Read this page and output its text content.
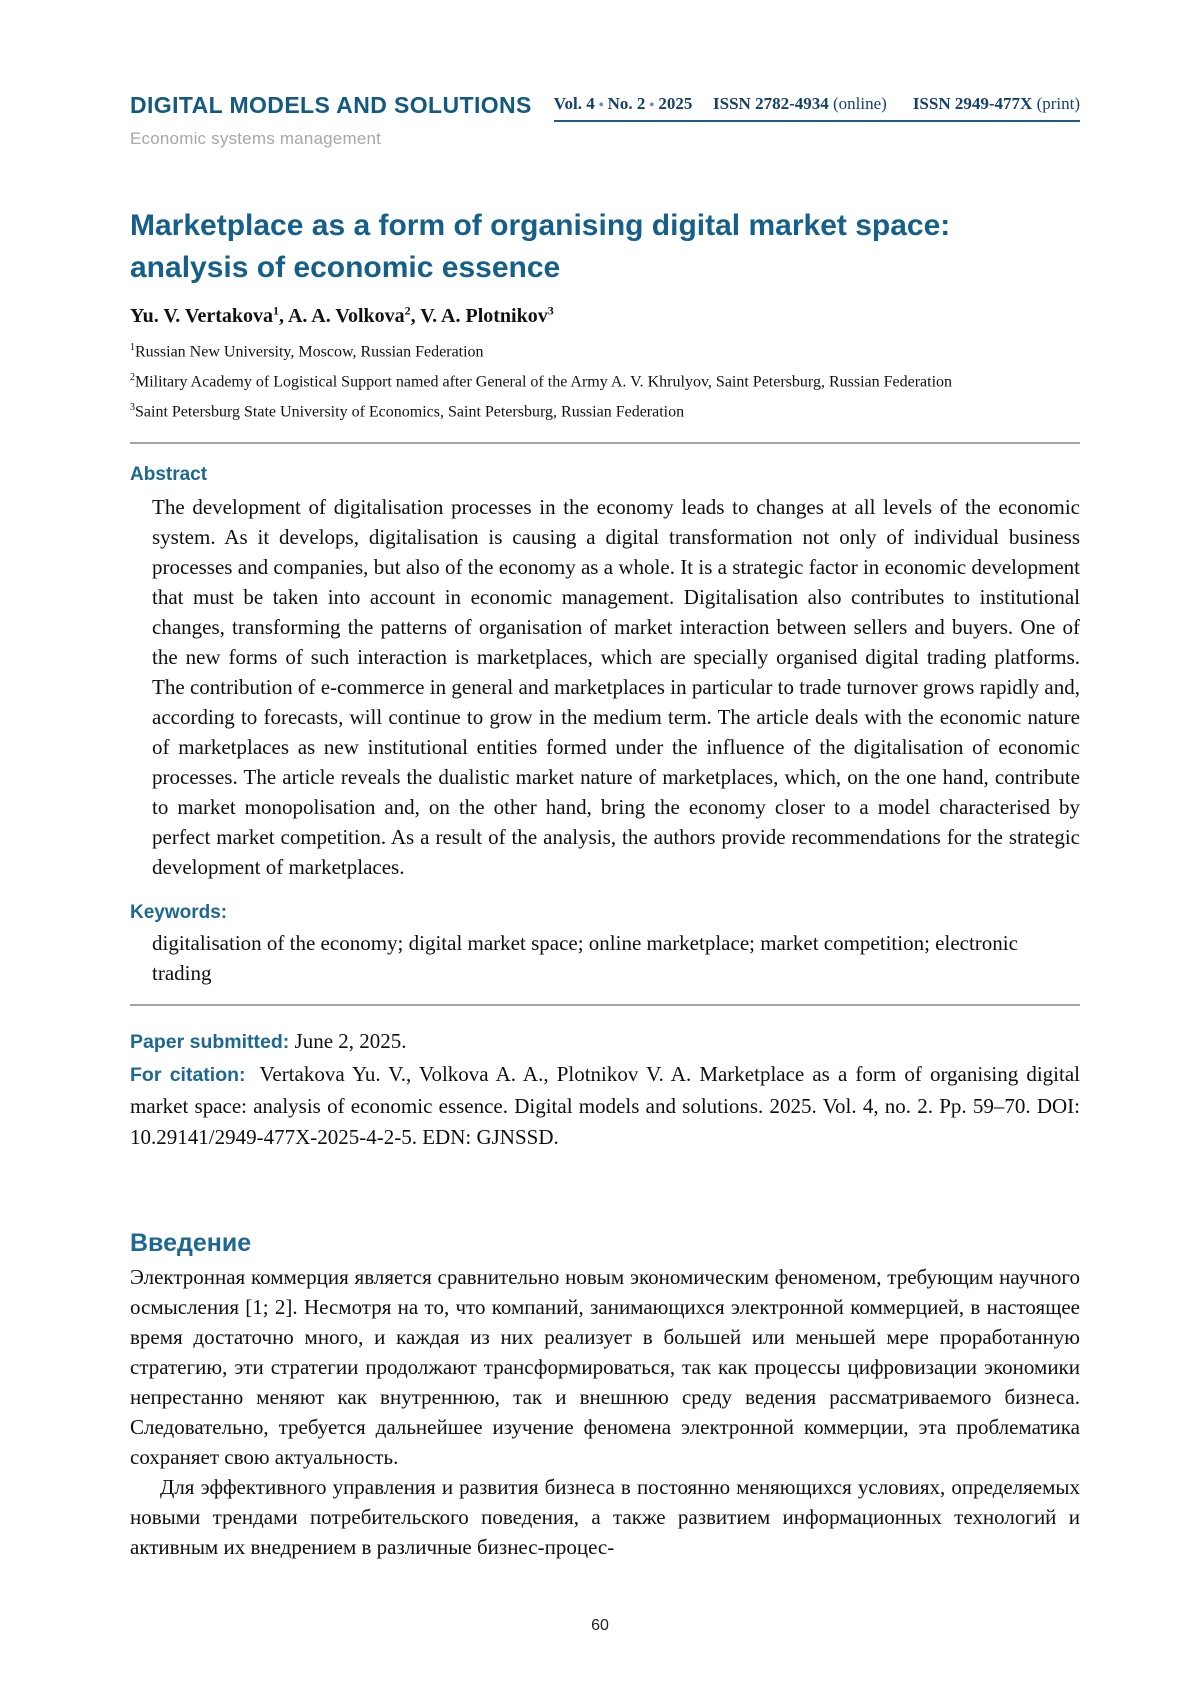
DIGITAL MODELS AND SOLUTIONS
Economic systems management
Vol. 4 • No. 2 • 2025 ISSN 2782-4934 (online) ISSN 2949-477X (print)
Marketplace as a form of organising digital market space: analysis of economic essence
Yu. V. Vertakova$^1$, A. A. Volkova$^2$, V. A. Plotnikov$^3$

$^1$Russian New University, Moscow, Russian Federation

$^2$Military Academy of Logistical Support named after General of the Army A. V. Khrulyov, Saint Petersburg, Russian Federation

$^3$Saint Petersburg State University of Economics, Saint Petersburg, Russian Federation

Abstract

The development of digitalisation processes in the economy leads to changes at all levels of the economic system. As it develops, digitalisation is causing a digital transformation not only of individual business processes and companies, but also of the economy as a whole. It is a strategic factor in economic development that must be taken into account in economic management. Digitalisation also contributes to institutional changes, transforming the patterns of organisation of market interaction between sellers and buyers. One of the new forms of such interaction is marketplaces, which are specially organised digital trading platforms. The contribution of e-commerce in general and marketplaces in particular to trade turnover grows rapidly and, according to forecasts, will continue to grow in the medium term. The article deals with the economic nature of marketplaces as new institutional entities formed under the influence of the digitalisation of economic processes. The article reveals the dualistic market nature of marketplaces, which, on the one hand, contribute to market monopolisation and, on the other hand, bring the economy closer to a model characterised by perfect market competition. As a result of the analysis, the authors provide recommendations for the strategic development of marketplaces.

Keywords:

digitalisation of the economy; digital market space; online marketplace; market competition; electronic trading

Paper submitted: June 2, 2025.

For citation: Vertakova Yu. V., Volkova A. A., Plotnikov V. A. Marketplace as a form of organising digital market space: analysis of economic essence. Digital models and solutions. 2025. Vol. 4, no. 2. Pp. 59–70. DOI: 10.29141/2949-477X-2025-4-2-5. EDN: GJNSSD.

Введение

Электронная коммерция является сравнительно новым экономическим феноменом, требующим научного осмысления [1; 2]. Несмотря на то, что компаний, занимающихся электронной коммерцией, в настоящее время достаточно много, и каждая из них реализует в большей или меньшей мере проработанную стратегию, эти стратегии продолжают трансформироваться, так как процессы цифровизации экономики непрестанно меняют как внутреннюю, так и внешнюю среду ведения рассматриваемого бизнеса. Следовательно, требуется дальнейшее изучение феномена электронной коммерции, эта проблематика сохраняет свою актуальность.

Для эффективного управления и развития бизнеса в постоянно меняющихся условиях, определяемых новыми трендами потребительского поведения, а также развитием информационных технологий и активным их внедрением в различные бизнес-процес-

60
